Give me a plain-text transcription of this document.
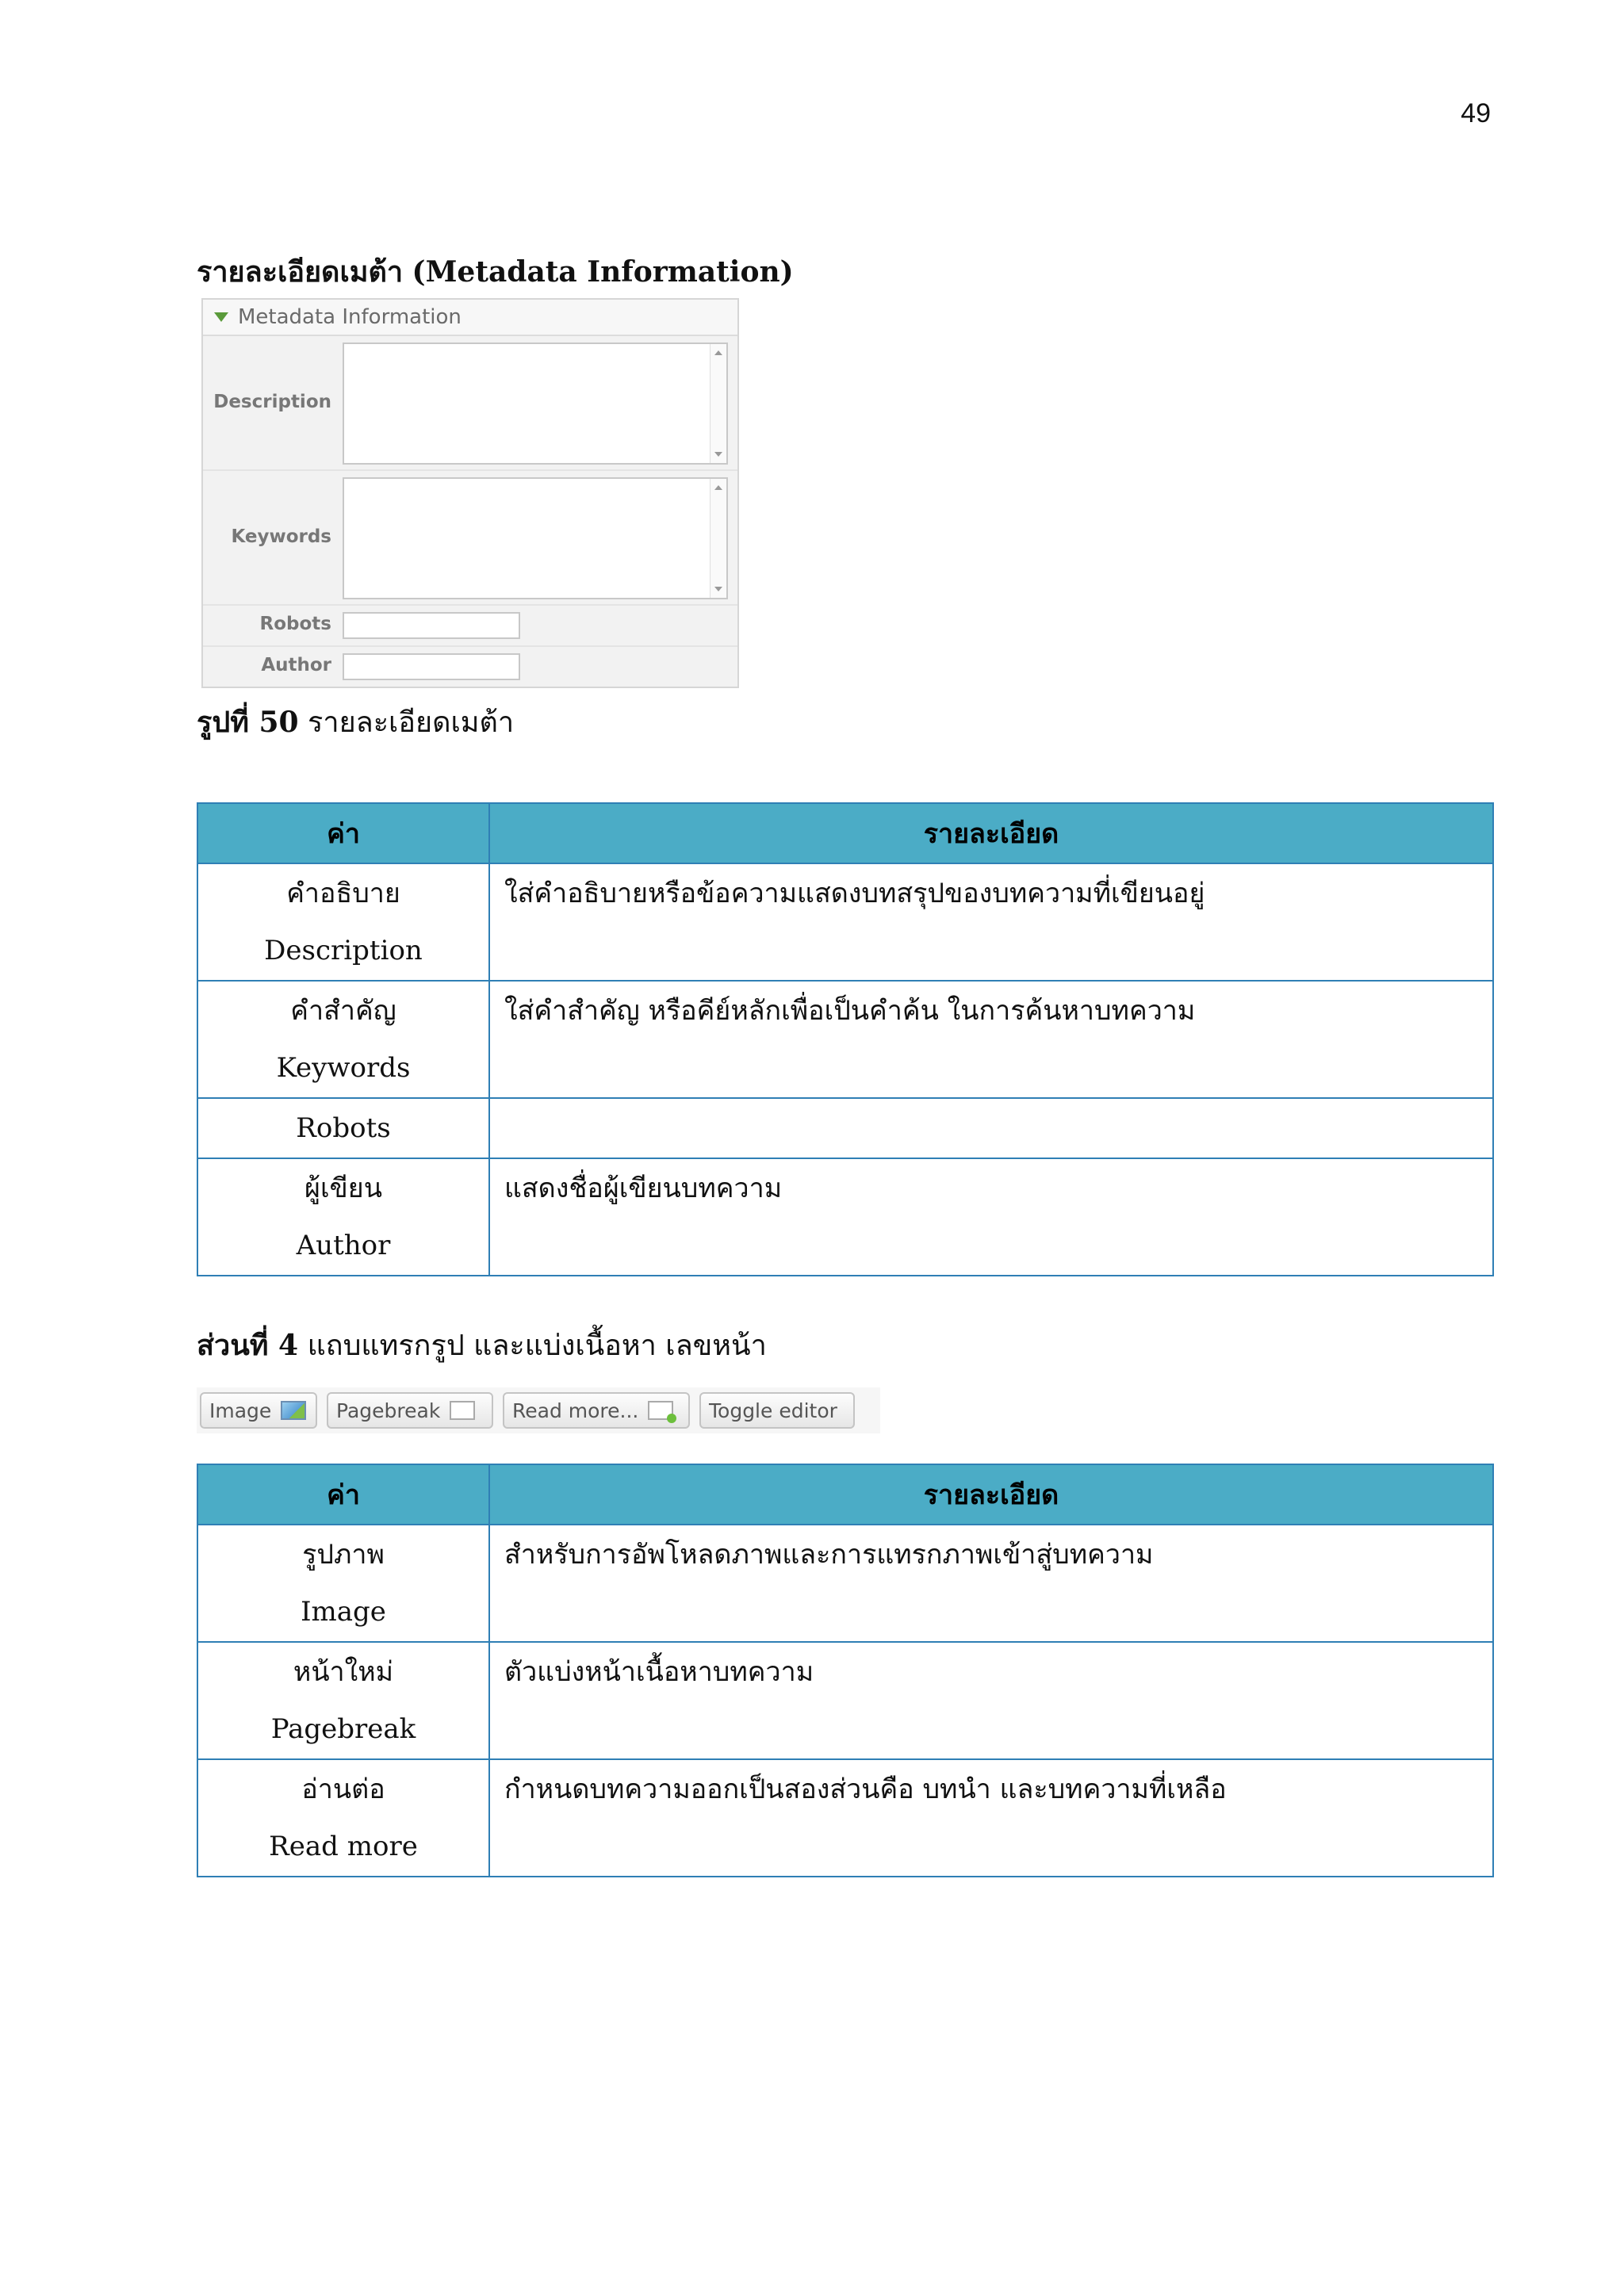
49
รายละเอียดเมต้า (Metadata Information)
Metadata Information
Description
Keywords
Robots
Author
รูปที่ 50 รายละเอียดเมต้า
ค่า	รายละเอียด

คำอธิบาย
Description	ใส่คำอธิบายหรือข้อความแสดงบทสรุปของบทความที่เขียนอยู่

คำสำคัญ
Keywords	ใส่คำสำคัญ หรือคีย์หลักเพื่อเป็นคำค้น ในการค้นหาบทความ

Robots	

ผู้เขียน
Author	แสดงชื่อผู้เขียนบทความ
ส่วนที่ 4 แถบแทรกรูป และแบ่งเนื้อหา เลขหน้า
Image	Pagebreak	Read more...	Toggle editor
ค่า	รายละเอียด

รูปภาพ
Image	สำหรับการอัพโหลดภาพและการแทรกภาพเข้าสู่บทความ

หน้าใหม่
Pagebreak	ตัวแบ่งหน้าเนื้อหาบทความ

อ่านต่อ
Read more	กำหนดบทความออกเป็นสองส่วนคือ บทนำ และบทความที่เหลือ
